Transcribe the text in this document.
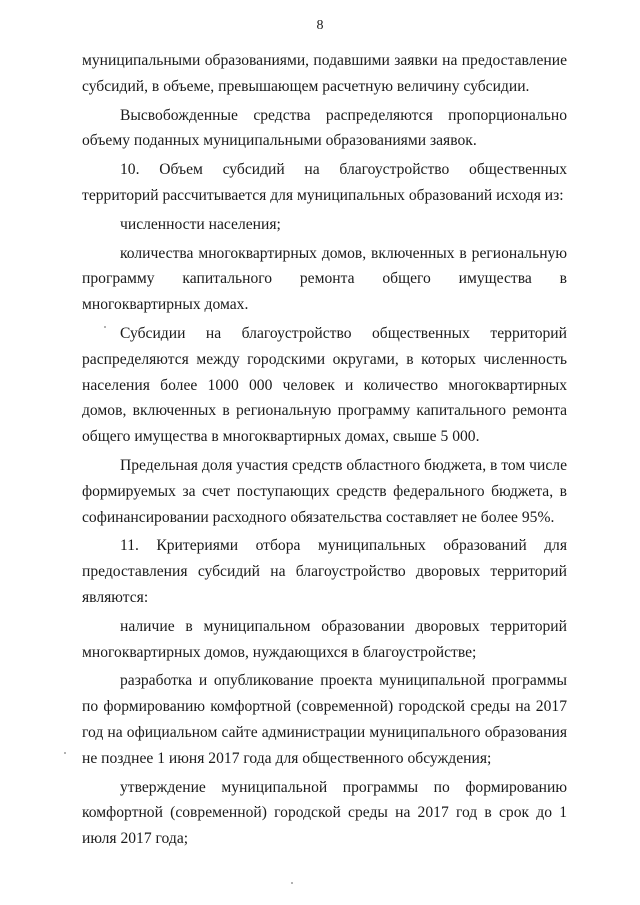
8

муниципальными образованиями, подавшими заявки на предоставление субсидий, в объеме, превышающем расчетную величину субсидии.

Высвобожденные средства распределяются пропорционально объему поданных муниципальными образованиями заявок.

10. Объем субсидий на благоустройство общественных территорий рассчитывается для муниципальных образований исходя из:

численности населения;

количества многоквартирных домов, включенных в региональную программу капитального ремонта общего имущества в многоквартирных домах.

Субсидии на благоустройство общественных территорий распределяются между городскими округами, в которых численность населения более 1000 000 человек и количество многоквартирных домов, включенных в региональную программу капитального ремонта общего имущества в многоквартирных домах, свыше 5 000.

Предельная доля участия средств областного бюджета, в том числе формируемых за счет поступающих средств федерального бюджета, в софинансировании расходного обязательства составляет не более 95%.

11. Критериями отбора муниципальных образований для предоставления субсидий на благоустройство дворовых территорий являются:

наличие в муниципальном образовании дворовых территорий многоквартирных домов, нуждающихся в благоустройстве;

разработка и опубликование проекта муниципальной программы по формированию комфортной (современной) городской среды на 2017 год на официальном сайте администрации муниципального образования не позднее 1 июня 2017 года для общественного обсуждения;

утверждение муниципальной программы по формированию комфортной (современной) городской среды на 2017 год в срок до 1 июля 2017 года;
